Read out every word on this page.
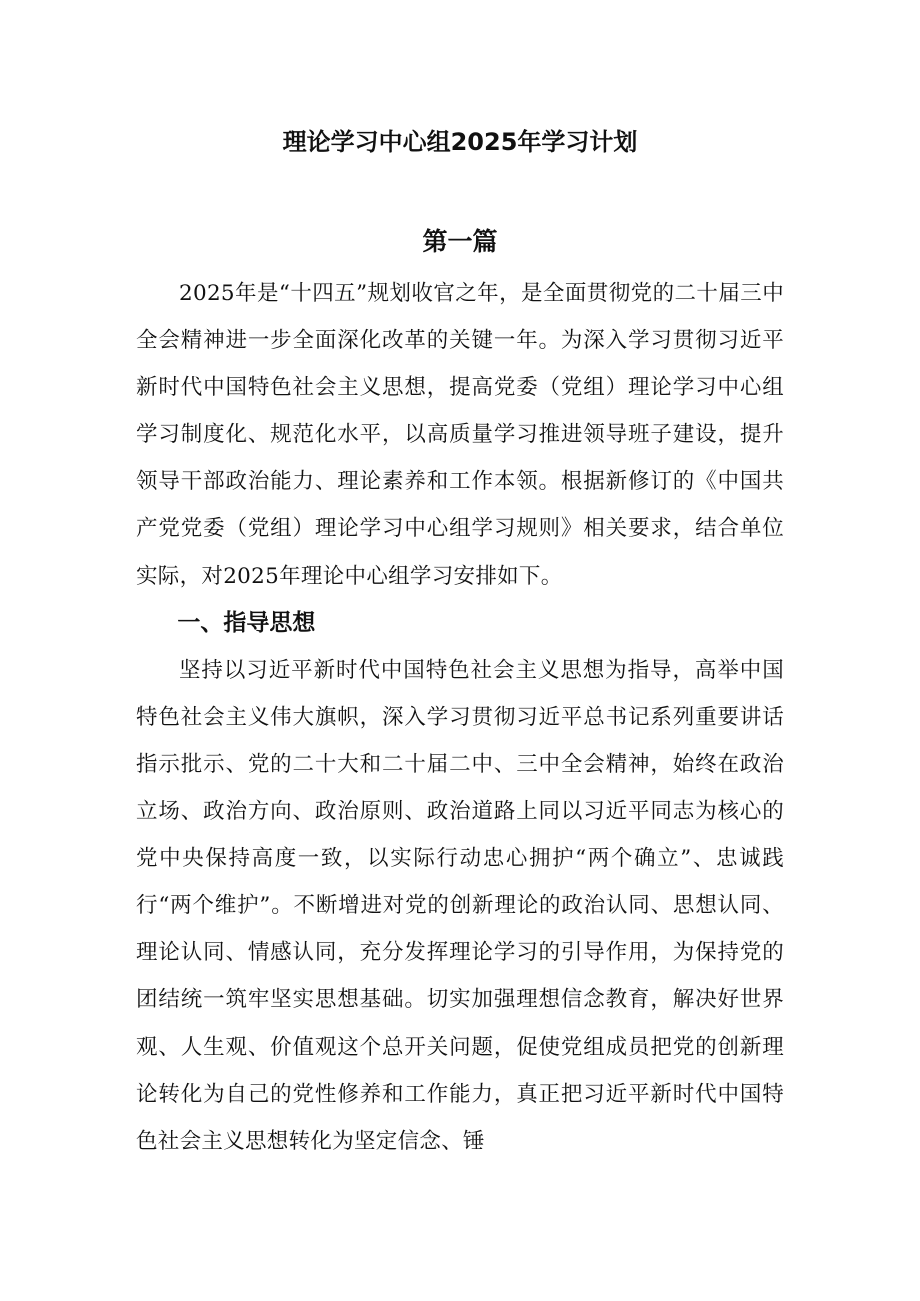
理论学习中心组2025年学习计划
第一篇

2025年是“十四五”规划收官之年，是全面贯彻党的二十届三中全会精神进一步全面深化改革的关键一年。为深入学习贯彻习近平新时代中国特色社会主义思想，提高党委（党组）理论学习中心组学习制度化、规范化水平，以高质量学习推进领导班子建设，提升领导干部政治能力、理论素养和工作本领。根据新修订的《中国共产党党委（党组）理论学习中心组学习规则》相关要求，结合单位实际，对2025年理论中心组学习安排如下。

一、指导思想

坚持以习近平新时代中国特色社会主义思想为指导，高举中国特色社会主义伟大旗帜，深入学习贯彻习近平总书记系列重要讲话指示批示、党的二十大和二十届二中、三中全会精神，始终在政治立场、政治方向、政治原则、政治道路上同以习近平同志为核心的党中央保持高度一致，以实际行动忠心拥护“两个确立”、忠诚践行“两个维护”。不断增进对党的创新理论的政治认同、思想认同、理论认同、情感认同，充分发挥理论学习的引导作用，为保持党的团结统一筑牢坚实思想基础。切实加强理想信念教育，解决好世界观、人生观、价值观这个总开关问题，促使党组成员把党的创新理论转化为自己的党性修养和工作能力，真正把习近平新时代中国特色社会主义思想转化为坚定信念、锤
